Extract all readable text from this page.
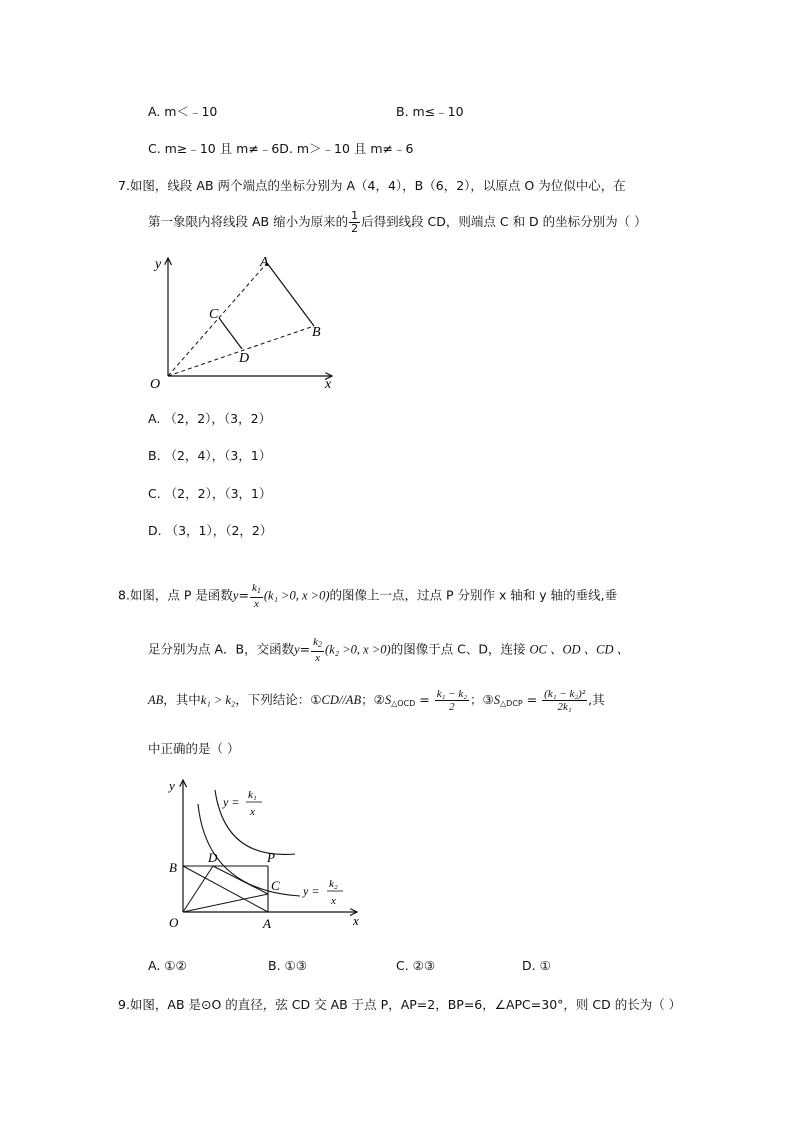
A. m＜﹣10	B. m≤﹣10
C. m≥﹣10 且 m≠﹣6D. m＞﹣10 且 m≠﹣6
7.如图，线段 AB 两个端点的坐标分别为 A（4，4），B（6，2），以原点 O 为位似中心，在
第一象限内将线段 AB 缩小为原来的 $\frac{1}{2}$ 后得到线段 CD，则端点 C 和 D 的坐标分别为（ ）
y
x
O
A
B
C
D
A. （2，2），（3，2）
B. （2，4），（3，1）
C. （2，2），（3，1）
D. （3，1），（2，2）
8.如图，点 P 是函数$y= \frac{k_1}{x} (k_1 >0$, x >0)的图像上一点，过点 P 分别作 x 轴和 y 轴的垂线,垂
足分别为点 A．B，交函数$y= \frac{k_2}{x} (k_2 >0$, x >0)的图像于点 C、D，连接 OC 、OD 、CD 、
AB，其中k₁ > k₂，下列结论：①CD//AB；$②S_{\triangle OCD} = \frac{\text{k₁ − k₂}}{2}$ ；$③S_{\triangle DCP} = \frac{\text{(k₁ − k₂)²}}{\text{2k₁}}$ ,其
中正确的是（ ）
y
x
O	A
B
D	P
C
y = k₁
x
y = k₂
x
A. ①②	B. ①③	C. ②③	D. ①
9.如图，AB 是⊙O 的直径，弦 CD 交 AB 于点 P，AP=2，BP=6，∠APC=30°，则 CD 的长为（ ）
